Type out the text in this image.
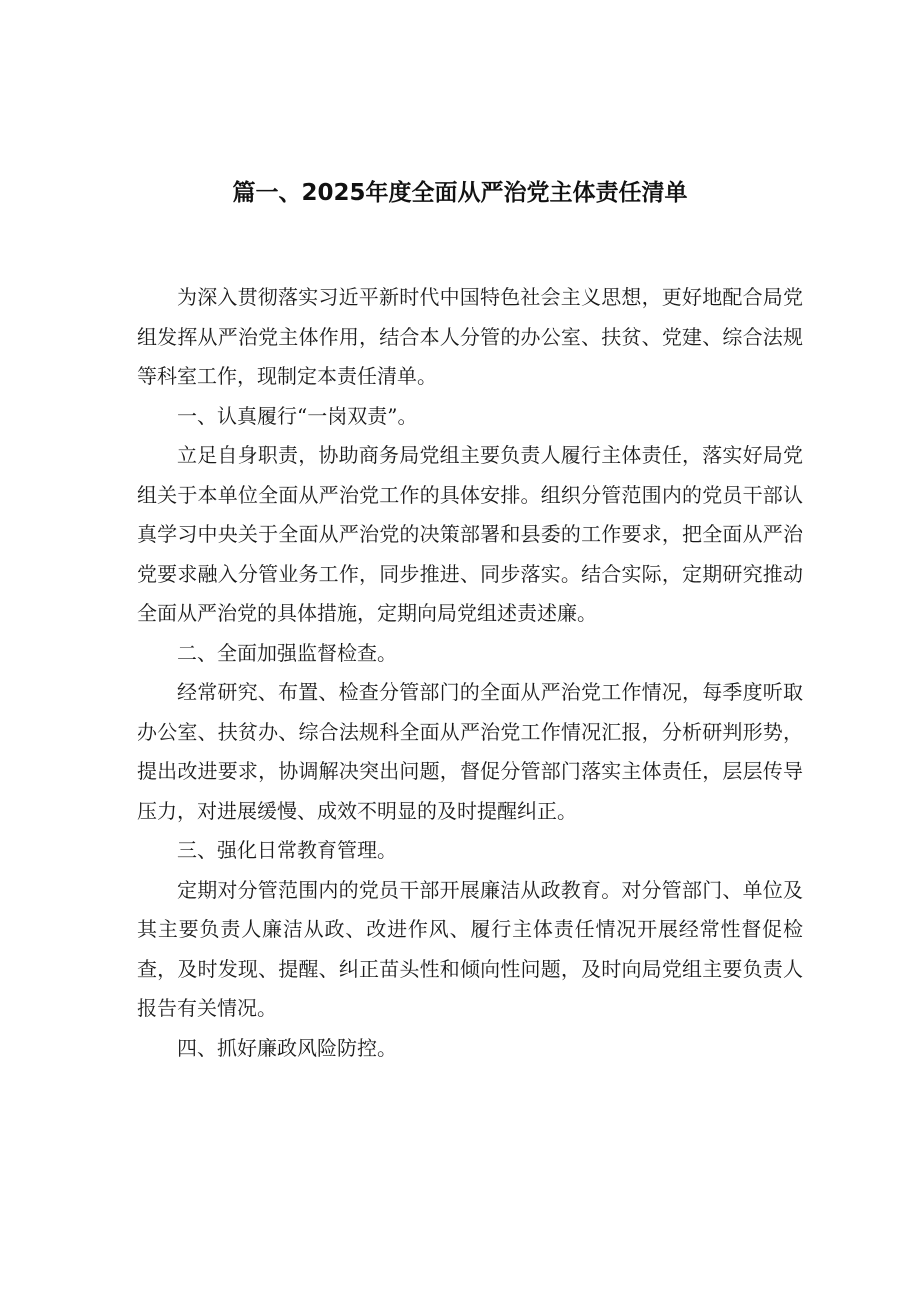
篇一、2025年度全面从严治党主体责任清单

为深入贯彻落实习近平新时代中国特色社会主义思想，更好地配合局党组发挥从严治党主体作用，结合本人分管的办公室、扶贫、党建、综合法规等科室工作，现制定本责任清单。

一、认真履行“一岗双责”。

立足自身职责，协助商务局党组主要负责人履行主体责任，落实好局党组关于本单位全面从严治党工作的具体安排。组织分管范围内的党员干部认真学习中央关于全面从严治党的决策部署和县委的工作要求，把全面从严治党要求融入分管业务工作，同步推进、同步落实。结合实际，定期研究推动全面从严治党的具体措施，定期向局党组述责述廉。

二、全面加强监督检查。

经常研究、布置、检查分管部门的全面从严治党工作情况，每季度听取办公室、扶贫办、综合法规科全面从严治党工作情况汇报，分析研判形势，提出改进要求，协调解决突出问题，督促分管部门落实主体责任，层层传导压力，对进展缓慢、成效不明显的及时提醒纠正。

三、强化日常教育管理。

定期对分管范围内的党员干部开展廉洁从政教育。对分管部门、单位及其主要负责人廉洁从政、改进作风、履行主体责任情况开展经常性督促检查，及时发现、提醒、纠正苗头性和倾向性问题，及时向局党组主要负责人报告有关情况。

四、抓好廉政风险防控。
